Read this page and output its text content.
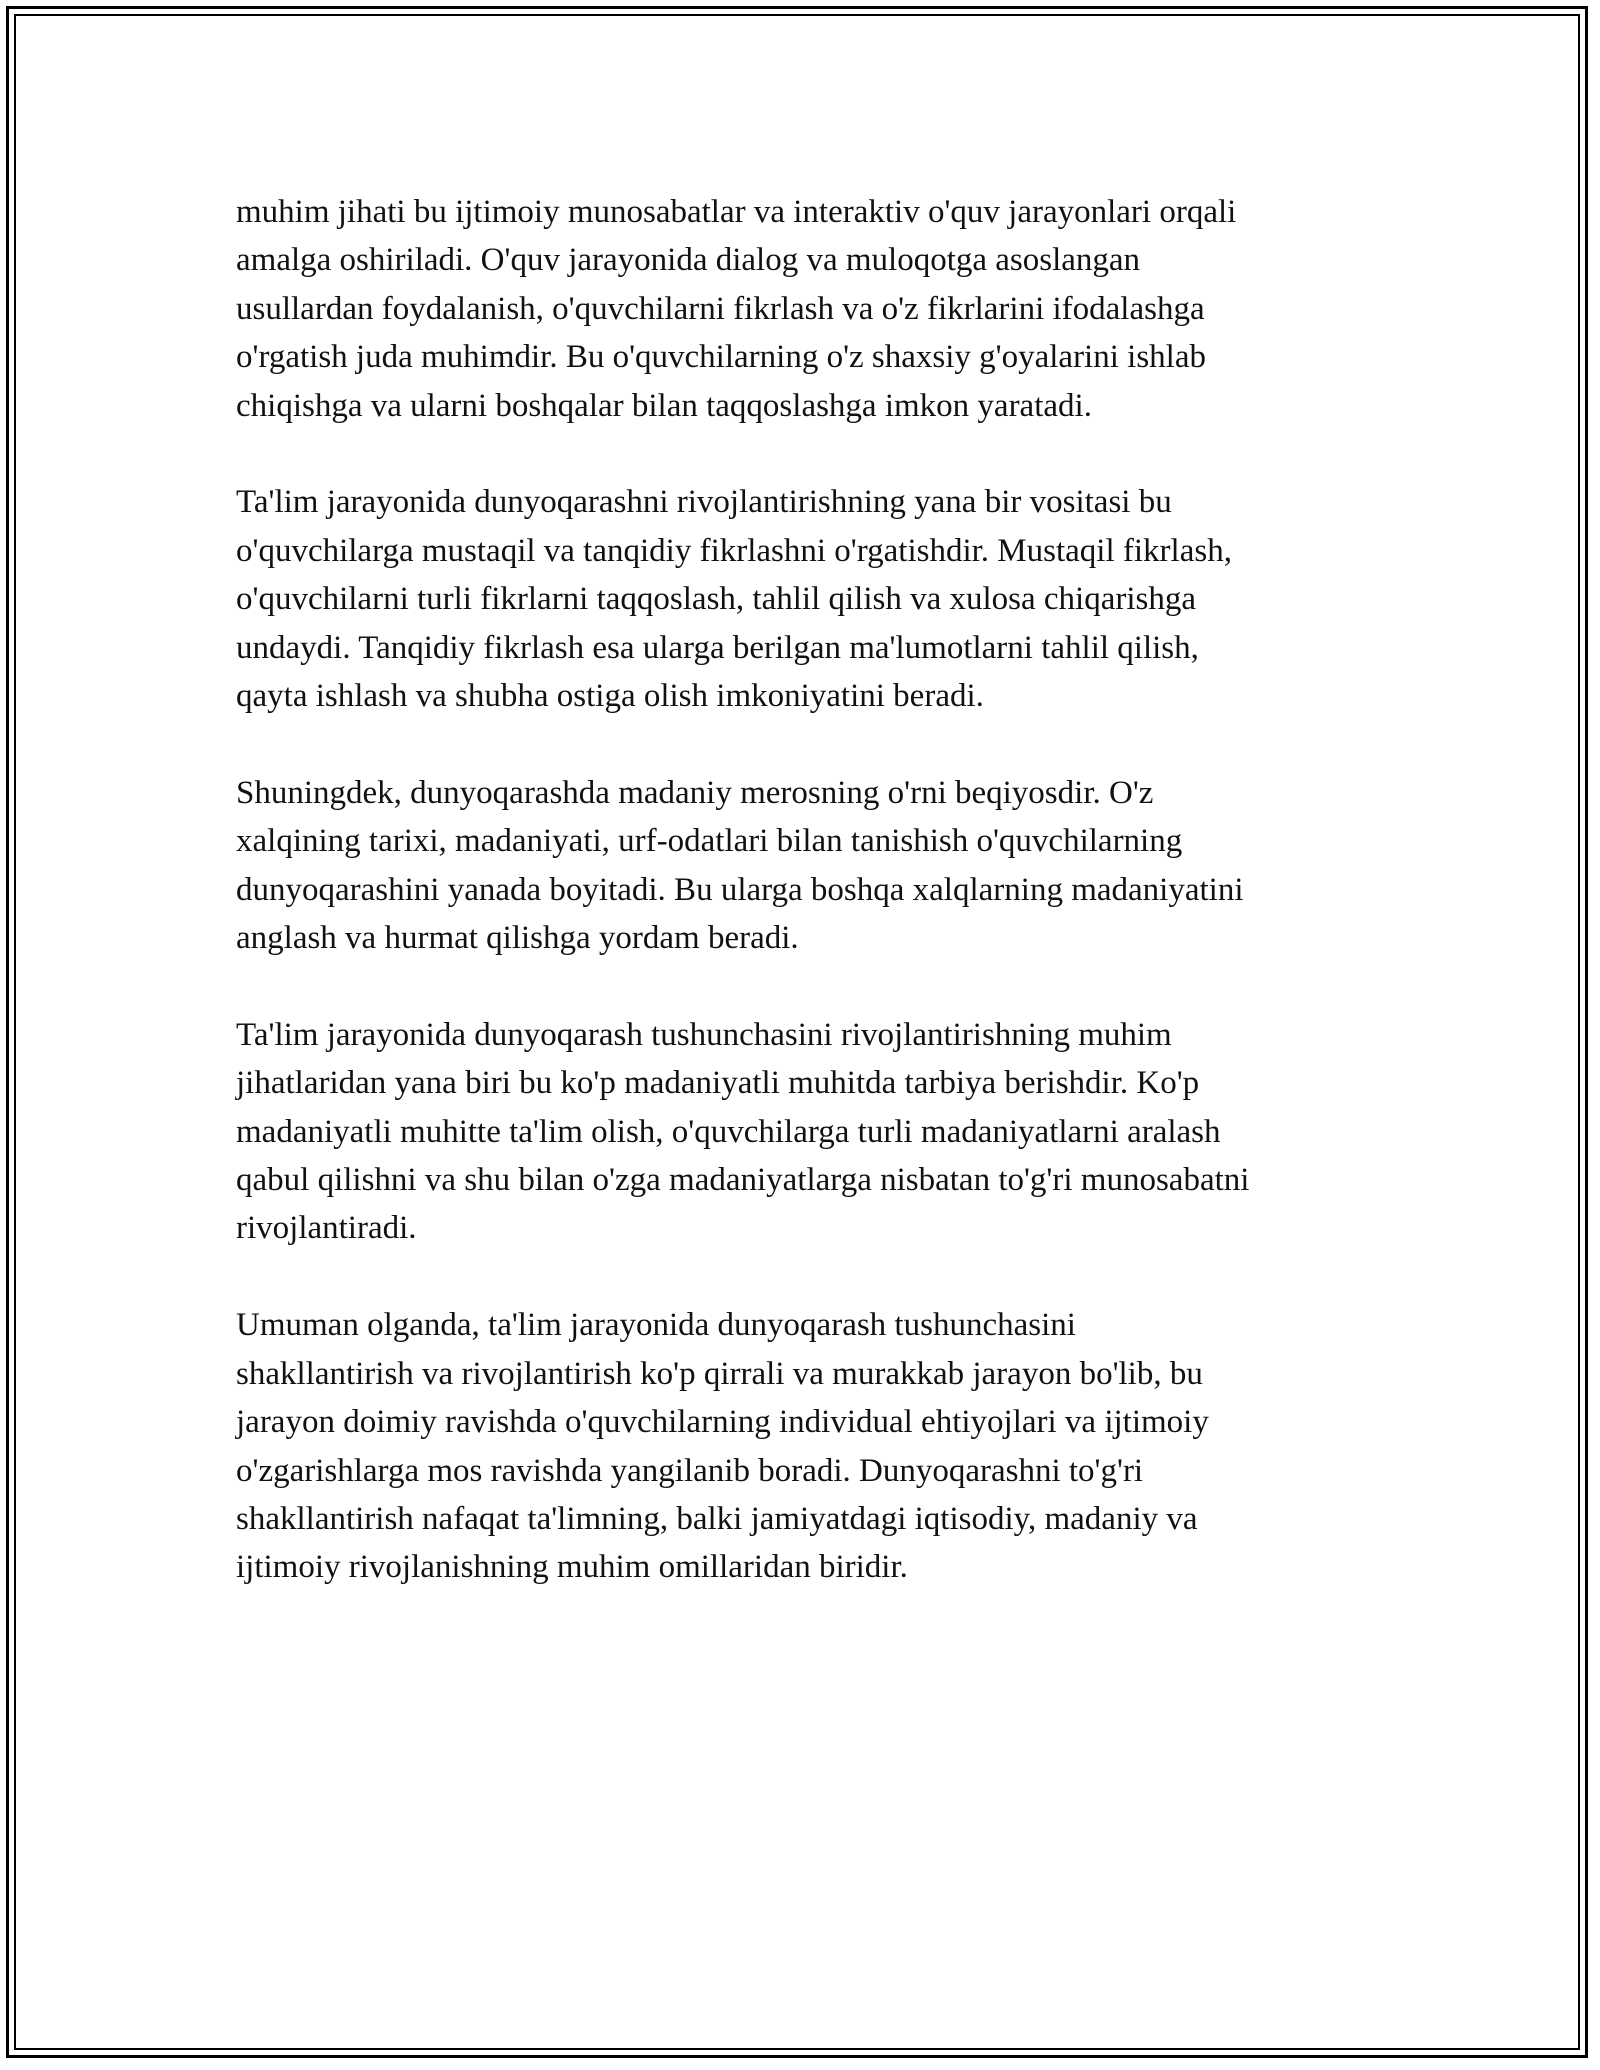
muhim jihati bu ijtimoiy munosabatlar va interaktiv o'quv jarayonlari orqali
amalga oshiriladi. O'quv jarayonida dialog va muloqotga asoslangan
usullardan foydalanish, o'quvchilarni fikrlash va o'z fikrlarini ifodalashga
o'rgatish juda muhimdir. Bu o'quvchilarning o'z shaxsiy g'oyalarini ishlab
chiqishga va ularni boshqalar bilan taqqoslashga imkon yaratadi.

Ta'lim jarayonida dunyoqarashni rivojlantirishning yana bir vositasi bu
o'quvchilarga mustaqil va tanqidiy fikrlashni o'rgatishdir. Mustaqil fikrlash,
o'quvchilarni turli fikrlarni taqqoslash, tahlil qilish va xulosa chiqarishga
undaydi. Tanqidiy fikrlash esa ularga berilgan ma'lumotlarni tahlil qilish,
qayta ishlash va shubha ostiga olish imkoniyatini beradi.

Shuningdek, dunyoqarashda madaniy merosning o'rni beqiyosdir. O'z
xalqining tarixi, madaniyati, urf-odatlari bilan tanishish o'quvchilarning
dunyoqarashini yanada boyitadi. Bu ularga boshqa xalqlarning madaniyatini
anglash va hurmat qilishga yordam beradi.

Ta'lim jarayonida dunyoqarash tushunchasini rivojlantirishning muhim
jihatlaridan yana biri bu ko'p madaniyatli muhitda tarbiya berishdir. Ko'p
madaniyatli muhitte ta'lim olish, o'quvchilarga turli madaniyatlarni aralash
qabul qilishni va shu bilan o'zga madaniyatlarga nisbatan to'g'ri munosabatni
rivojlantiradi.

Umuman olganda, ta'lim jarayonida dunyoqarash tushunchasini
shakllantirish va rivojlantirish ko'p qirrali va murakkab jarayon bo'lib, bu
jarayon doimiy ravishda o'quvchilarning individual ehtiyojlari va ijtimoiy
o'zgarishlarga mos ravishda yangilanib boradi. Dunyoqarashni to'g'ri
shakllantirish nafaqat ta'limning, balki jamiyatdagi iqtisodiy, madaniy va
ijtimoiy rivojlanishning muhim omillaridan biridir.
